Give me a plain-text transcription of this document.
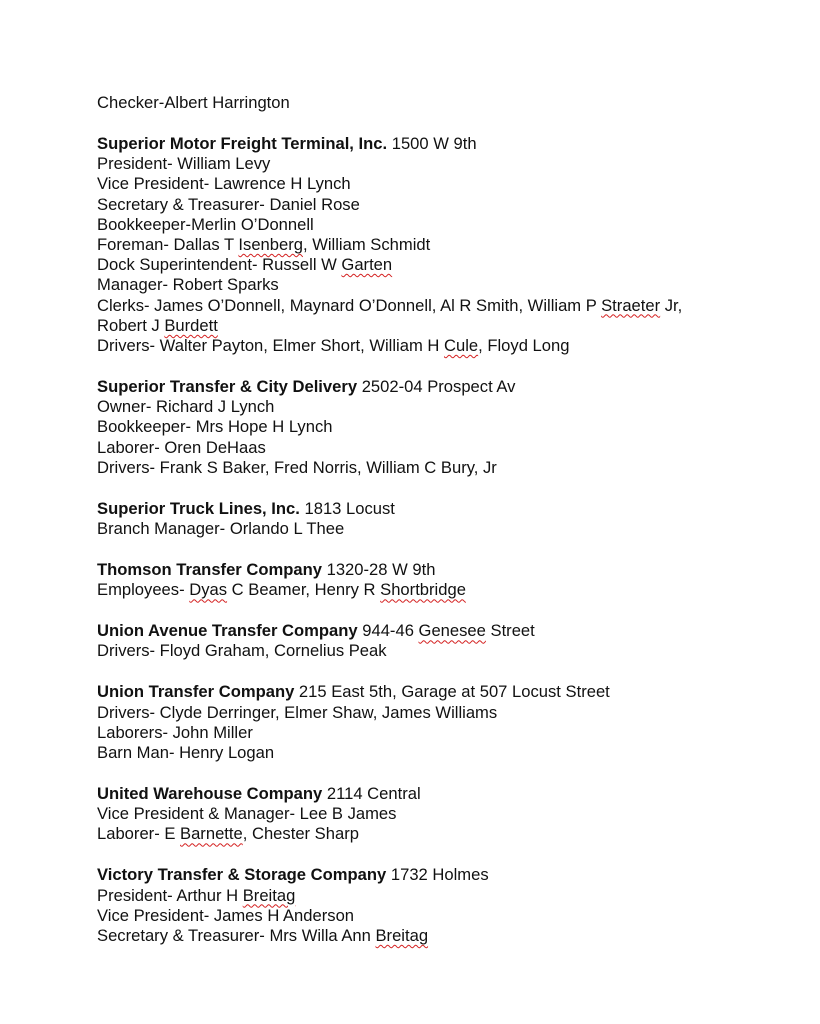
Checker-Albert Harrington
Superior Motor Freight Terminal, Inc. 1500 W 9th
President- William Levy
Vice President- Lawrence H Lynch
Secretary & Treasurer- Daniel Rose
Bookkeeper-Merlin O’Donnell
Foreman- Dallas T Isenberg, William Schmidt
Dock Superintendent- Russell W Garten
Manager- Robert Sparks
Clerks- James O’Donnell, Maynard O’Donnell, Al R Smith, William P Straeter Jr,
Robert J Burdett
Drivers- Walter Payton, Elmer Short, William H Cule, Floyd Long
Superior Transfer & City Delivery 2502-04 Prospect Av
Owner- Richard J Lynch
Bookkeeper- Mrs Hope H Lynch
Laborer- Oren DeHaas
Drivers- Frank S Baker, Fred Norris, William C Bury, Jr
Superior Truck Lines, Inc. 1813 Locust
Branch Manager- Orlando L Thee
Thomson Transfer Company 1320-28 W 9th
Employees- Dyas C Beamer, Henry R Shortbridge
Union Avenue Transfer Company 944-46 Genesee Street
Drivers- Floyd Graham, Cornelius Peak
Union Transfer Company 215 East 5th, Garage at 507 Locust Street
Drivers- Clyde Derringer, Elmer Shaw, James Williams
Laborers- John Miller
Barn Man- Henry Logan
United Warehouse Company 2114 Central
Vice President & Manager- Lee B James
Laborer- E Barnette, Chester Sharp
Victory Transfer & Storage Company 1732 Holmes
President- Arthur H Breitag
Vice President- James H Anderson
Secretary & Treasurer- Mrs Willa Ann Breitag
